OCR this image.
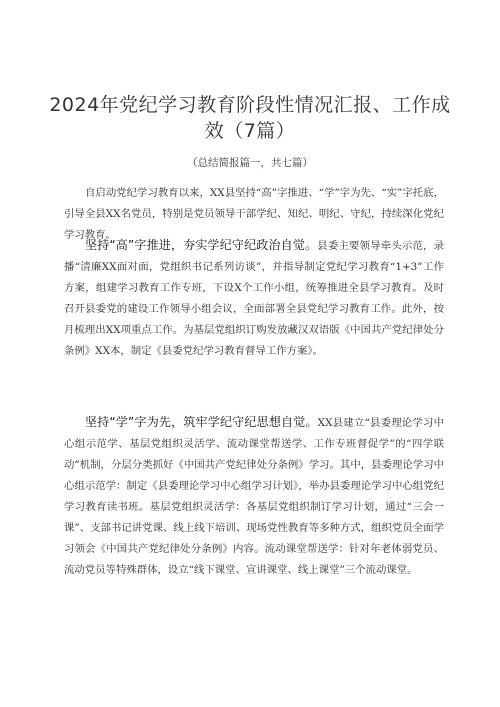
2024年党纪学习教育阶段性情况汇报、工作成效（7篇）
（总结简报篇一，共七篇）
自启动党纪学习教育以来，XX县坚持“高”字推进、“学”字为先、“实”字托底，引导全县XX名党员，特别是党员领导干部学纪、知纪、明纪、守纪，持续深化党纪学习教育。
坚持“高”字推进，夯实学纪守纪政治自觉。县委主要领导牵头示范，录播“清廉XX面对面，党组织书记系列访谈”，并指导制定党纪学习教育“1+3”工作方案，组建学习教育工作专班，下设X个工作小组，统筹推进全县学习教育。及时召开县委党的建设工作领导小组会议，全面部署全县党纪学习教育工作。此外，按月梳理出XX项重点工作。为基层党组织订购发放藏汉双语版《中国共产党纪律处分条例》XX本，制定《县委党纪学习教育督导工作方案》。
坚持“学”字为先，筑牢学纪守纪思想自觉。XX县建立“县委理论学习中心组示范学、基层党组织灵活学、流动课堂帮送学、工作专班督促学”的“四学联动”机制，分层分类抓好《中国共产党纪律处分条例》学习。其中，县委理论学习中心组示范学：制定《县委理论学习中心组学习计划》，举办县委理论学习中心组党纪学习教育读书班。基层党组织灵活学：各基层党组织制订学习计划，通过“三会一课”、支部书记讲党课、线上线下培训、现场党性教育等多种方式，组织党员全面学习领会《中国共产党纪律处分条例》内容。流动课堂帮送学：针对年老体弱党员、流动党员等特殊群体，设立“线下课堂、宣讲课堂、线上课堂”三个流动课堂。
